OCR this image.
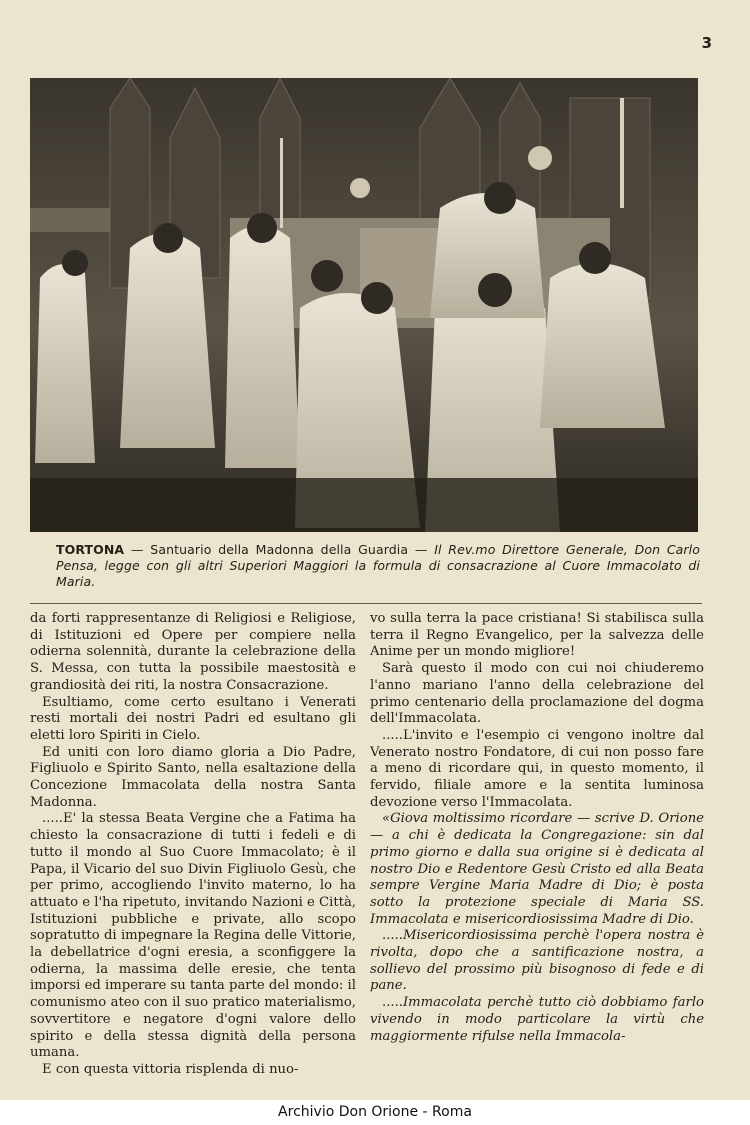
3
TORTONA — Santuario della Madonna della Guardia — Il Rev.mo Direttore Generale, Don Carlo Pensa, legge con gli altri Superiori Maggiori la formula di consacrazione al Cuore Immacolato di Maria.

da forti rappresentanze di Religiosi e Religiose, di Istituzioni ed Opere per compiere nella odierna solennità, durante la celebrazione della S. Messa, con tutta la possibile maestosità e grandiosità dei riti, la nostra Consacrazione.

Esultiamo, come certo esultano i Venerati resti mortali dei nostri Padri ed esultano gli eletti loro Spiriti in Cielo.

Ed uniti con loro diamo gloria a Dio Padre, Figliuolo e Spirito Santo, nella esaltazione della Concezione Immacolata della nostra Santa Madonna.

.....E' la stessa Beata Vergine che a Fatima ha chiesto la consacrazione di tutti i fedeli e di tutto il mondo al Suo Cuore Immacolato; è il Papa, il Vicario del suo Divin Figliuolo Gesù, che per primo, accogliendo l'invito materno, lo ha attuato e l'ha ripetuto, invitando Nazioni e Città, Istituzioni pubbliche e private, allo scopo sopratutto di impegnare la Regina delle Vittorie, la debellatrice d'ogni eresia, a sconfiggere la odierna, la massima delle eresie, che tenta imporsi ed imperare su tanta parte del mondo: il comunismo ateo con il suo pratico materialismo, sovvertitore e negatore d'ogni valore dello spirito e della stessa dignità della persona umana.

E con questa vittoria risplenda di nuo-

vo sulla terra la pace cristiana! Si stabilisca sulla terra il Regno Evangelico, per la salvezza delle Anime per un mondo migliore!

Sarà questo il modo con cui noi chiuderemo l'anno mariano l'anno della celebrazione del primo centenario della proclamazione del dogma dell'Immacolata.

.....L'invito e l'esempio ci vengono inoltre dal Venerato nostro Fondatore, di cui non posso fare a meno di ricordare qui, in questo momento, il fervido, filiale amore e la sentita luminosa devozione verso l'Immacolata.

«Giova moltissimo ricordare — scrive D. Orione — a chi è dedicata la Congregazione: sin dal primo giorno e dalla sua origine si è dedicata al nostro Dio e Redentore Gesù Cristo ed alla Beata sempre Vergine Maria Madre di Dio; è posta sotto la protezione speciale di Maria SS. Immacolata e misericordiosissima Madre di Dio.

.....Misericordiosissima perchè l'opera nostra è rivolta, dopo che a santificazione nostra, a sollievo del prossimo più bisognoso di fede e di pane.

.....Immacolata perchè tutto ciò dobbiamo farlo vivendo in modo particolare la virtù che maggiormente rifulse nella Immacola-

Archivio Don Orione - Roma
